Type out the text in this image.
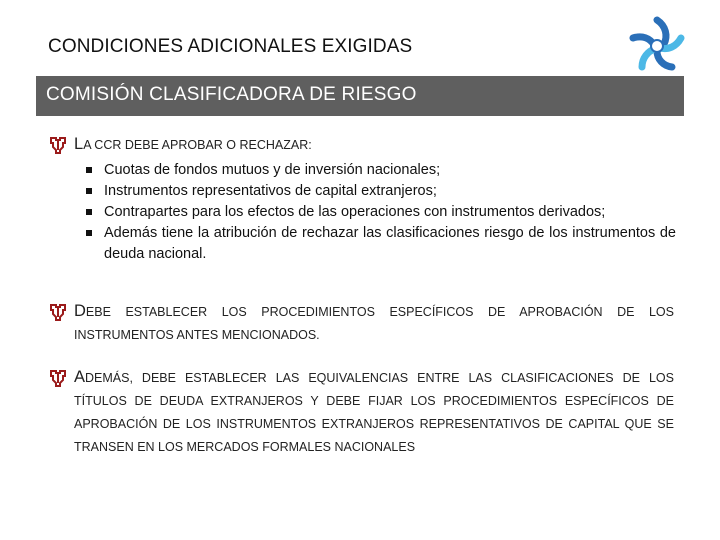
CONDICIONES ADICIONALES EXIGIDAS
COMISIÓN CLASIFICADORA DE RIESGO
LA CCR DEBE APROBAR O RECHAZAR:
Cuotas de fondos mutuos y de inversión nacionales;
Instrumentos representativos de capital extranjeros;
Contrapartes para los efectos de las operaciones con instrumentos derivados;
Además tiene la atribución de rechazar las clasificaciones riesgo de los instrumentos de deuda nacional.
DEBE ESTABLECER LOS PROCEDIMIENTOS ESPECÍFICOS DE APROBACIÓN DE LOS INSTRUMENTOS ANTES MENCIONADOS.
ADEMÁS, DEBE ESTABLECER LAS EQUIVALENCIAS ENTRE LAS CLASIFICACIONES DE LOS TÍTULOS DE DEUDA EXTRANJEROS Y DEBE FIJAR LOS PROCEDIMIENTOS ESPECÍFICOS DE APROBACIÓN DE LOS INSTRUMENTOS EXTRANJEROS REPRESENTATIVOS DE CAPITAL QUE SE TRANSEN EN LOS MERCADOS FORMALES NACIONALES
